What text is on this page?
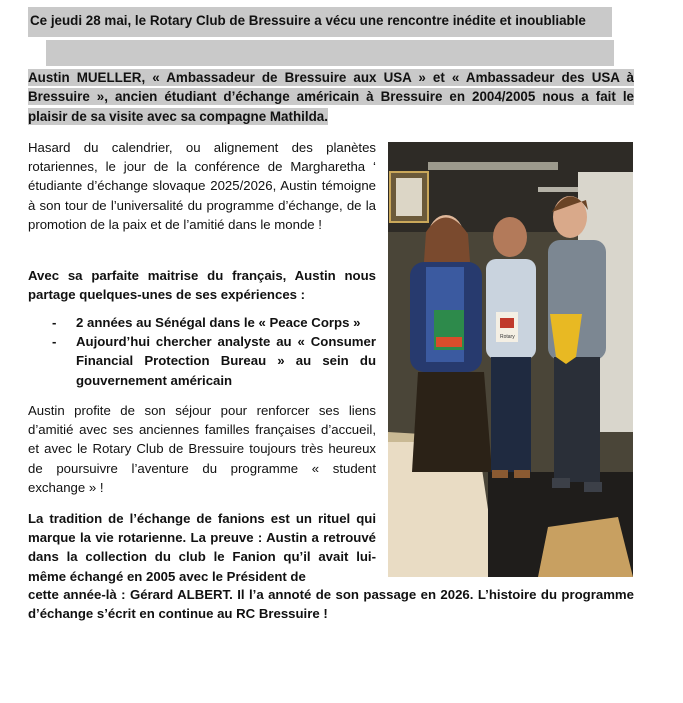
Ce jeudi 28 mai, le Rotary Club de Bressuire a vécu une rencontre inédite et inoubliable
Austin MUELLER, « Ambassadeur de Bressuire aux USA » et « Ambassadeur des USA à Bressuire », ancien étudiant d’échange américain à Bressuire en 2004/2005 nous a fait le plaisir de sa visite avec sa compagne Mathilda.
Hasard du calendrier, ou alignement des planètes rotariennes, le jour de la conférence de Margharetha ‘ étudiante d’échange slovaque 2025/2026, Austin témoigne à son tour de l’universalité du programme d’échange, de la promotion de la paix et de l’amitié dans le monde !
Avec sa parfaite maitrise du français, Austin nous partage quelques-unes de ses expériences :
- 2 années au Sénégal dans le « Peace Corps »
- Aujourd’hui chercher analyste au « Consumer Financial Protection Bureau » au sein du gouvernement américain
Austin profite de son séjour pour renforcer ses liens d’amitié avec ses anciennes familles françaises d’accueil, et avec le Rotary Club de Bressuire toujours très heureux de poursuivre l’aventure du programme « student exchange » !
La tradition de l’échange de fanions est un rituel qui marque la vie rotarienne. La preuve : Austin a retrouvé dans la collection du club le Fanion qu’il avait lui-même échangé en 2005 avec le Président de
cette année-là : Gérard ALBERT. Il l’a annoté de son passage en 2026. L’histoire du programme d’échange s’écrit en continue au RC Bressuire !
Rotary
